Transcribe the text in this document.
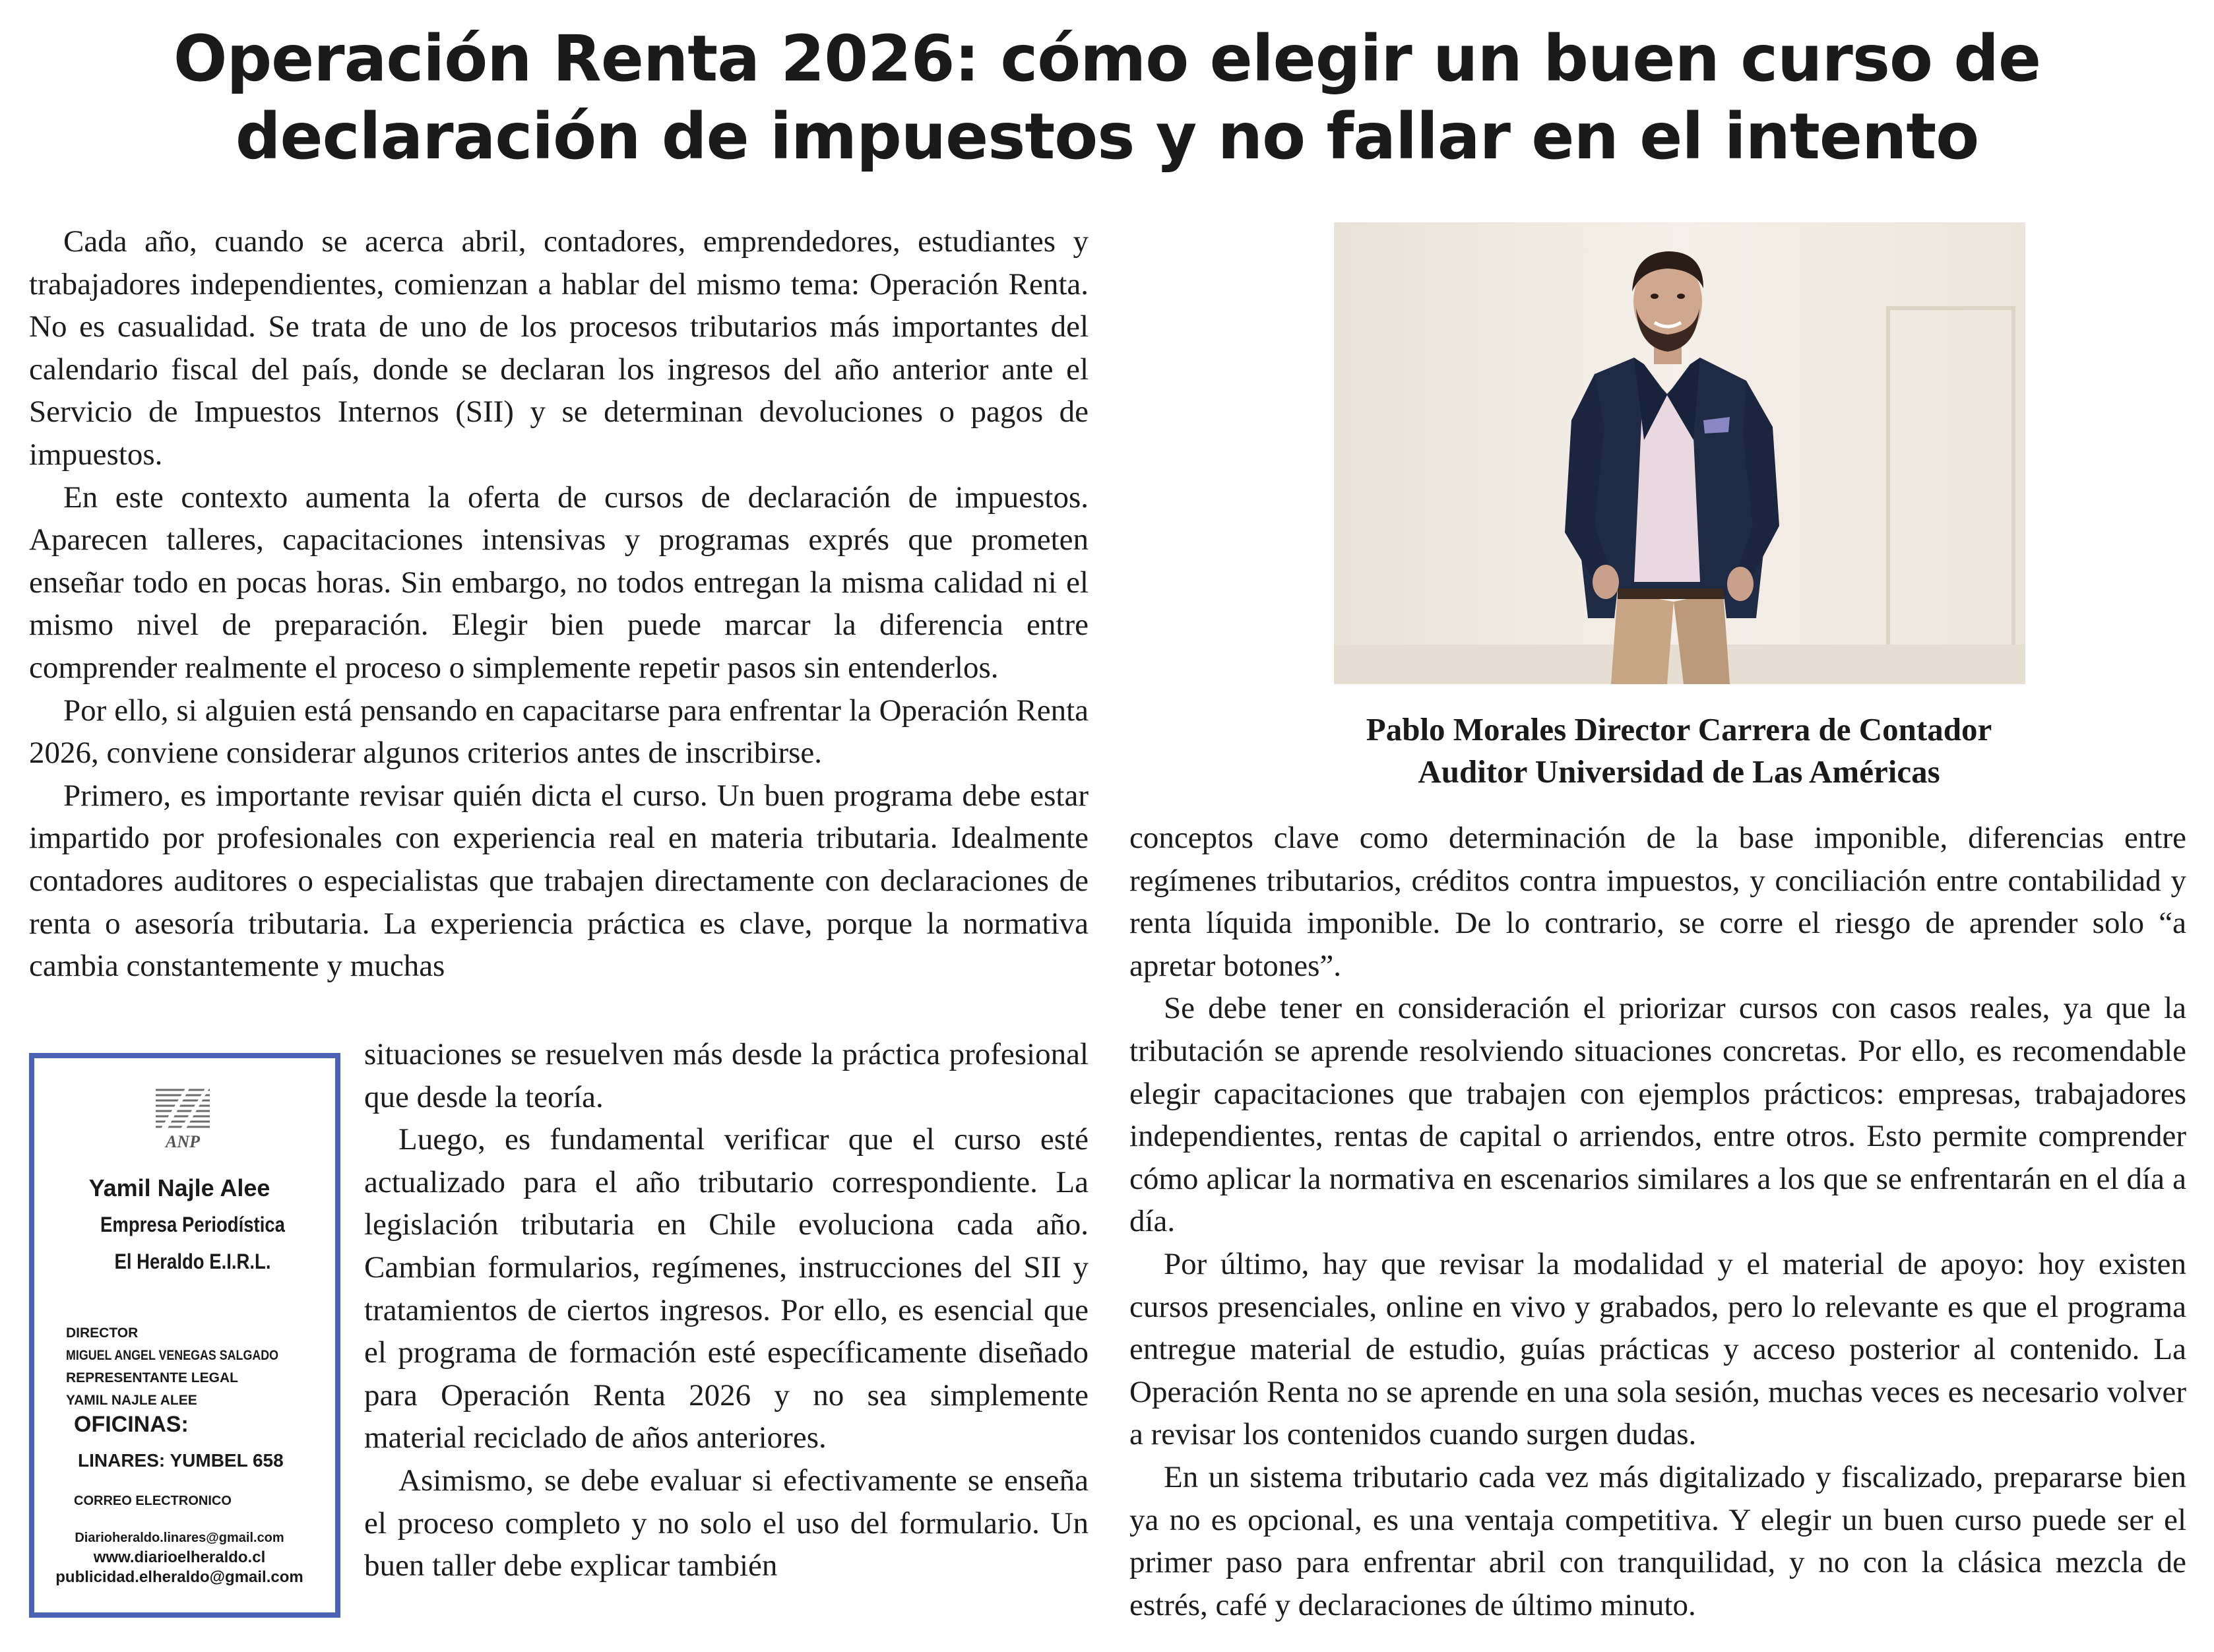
Operación Renta 2026: cómo elegir un buen curso de
declaración de impuestos y no fallar en el intento

Cada año, cuando se acerca abril, contadores, emprendedores, estudiantes y trabajadores independientes, comienzan a hablar del mismo tema: Operación Renta. No es casualidad. Se trata de uno de los procesos tributarios más importantes del calendario fiscal del país, donde se declaran los ingresos del año anterior ante el Servicio de Impuestos Internos (SII) y se determinan devoluciones o pagos de impuestos.

En este contexto aumenta la oferta de cursos de declaración de impuestos. Aparecen talleres, capacitaciones intensivas y programas exprés que prometen enseñar todo en pocas horas. Sin embargo, no todos entregan la misma calidad ni el mismo nivel de preparación. Elegir bien puede marcar la diferencia entre comprender realmente el proceso o simplemente repetir pasos sin entenderlos.

Por ello, si alguien está pensando en capacitarse para enfrentar la Operación Renta 2026, conviene considerar algunos criterios antes de inscribirse.

Primero, es importante revisar quién dicta el curso. Un buen programa debe estar impartido por profesionales con experiencia real en materia tributaria. Idealmente contadores auditores o especialistas que trabajen directamente con declaraciones de renta o asesoría tributaria. La experiencia práctica es clave, porque la normativa cambia constantemente y muchas

situaciones se resuelven más desde la práctica profesional que desde la teoría.

Luego, es fundamental verificar que el curso esté actualizado para el año tributario correspondiente. La legislación tributaria en Chile evoluciona cada año. Cambian formularios, regímenes, instrucciones del SII y tratamientos de ciertos ingresos. Por ello, es esencial que el programa de formación esté específicamente diseñado para Operación Renta 2026 y no sea simplemente material reciclado de años anteriores.

Asimismo, se debe evaluar si efectivamente se enseña el proceso completo y no solo el uso del formulario. Un buen taller debe explicar también

Pablo Morales Director Carrera de Contador
Auditor Universidad de Las Américas

conceptos clave como determinación de la base imponible, diferencias entre regímenes tributarios, créditos contra impuestos, y conciliación entre contabilidad y renta líquida imponible. De lo contrario, se corre el riesgo de aprender solo “a apretar botones”.

Se debe tener en consideración el priorizar cursos con casos reales, ya que la tributación se aprende resolviendo situaciones concretas. Por ello, es recomendable elegir capacitaciones que trabajen con ejemplos prácticos: empresas, trabajadores independientes, rentas de capital o arriendos, entre otros. Esto permite comprender cómo aplicar la normativa en escenarios similares a los que se enfrentarán en el día a día.

Por último, hay que revisar la modalidad y el material de apoyo: hoy existen cursos presenciales, online en vivo y grabados, pero lo relevante es que el programa entregue material de estudio, guías prácticas y acceso posterior al contenido. La Operación Renta no se aprende en una sola sesión, muchas veces es necesario volver a revisar los contenidos cuando surgen dudas.

En un sistema tributario cada vez más digitalizado y fiscalizado, prepararse bien ya no es opcional, es una ventaja competitiva. Y elegir un buen curso puede ser el primer paso para enfrentar abril con tranquilidad, y no con la clásica mezcla de estrés, café y declaraciones de último minuto.

ANP
Yamil Najle Alee
Empresa Periodística
El Heraldo E.I.R.L.
DIRECTOR
MIGUEL ANGEL VENEGAS SALGADO
REPRESENTANTE LEGAL
YAMIL NAJLE ALEE
OFICINAS:
LINARES: YUMBEL 658
CORREO ELECTRONICO
Diarioheraldo.linares@gmail.com
www.diarioelheraldo.cl
publicidad.elheraldo@gmail.com
